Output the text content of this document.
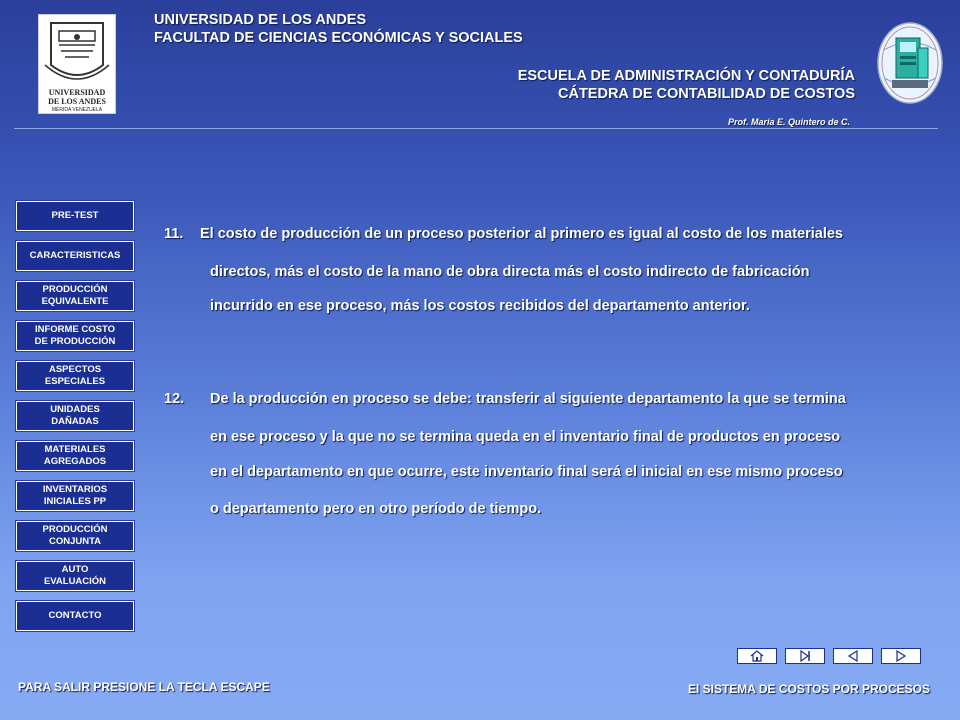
UNIVERSIDAD
DE LOS ANDES
MÉRIDA VENEZUELA
UNIVERSIDAD DE LOS ANDES
FACULTAD DE CIENCIAS ECONÓMICAS Y SOCIALES
ESCUELA DE ADMINISTRACIÓN Y CONTADURÍA
CÁTEDRA DE CONTABILIDAD DE COSTOS
Prof. María E. Quintero de C.
PRE-TEST
CARACTERISTICAS
PRODUCCIÓN
EQUIVALENTE
INFORME COSTO
DE PRODUCCIÓN
ASPECTOS
ESPECIALES
UNIDADES
DAÑADAS
MATERIALES
AGREGADOS
INVENTARIOS
INICIALES PP
PRODUCCIÓN
CONJUNTA
AUTO
EVALUACIÓN
CONTACTO
11. El costo de producción de un proceso posterior al primero es igual al costo de los materiales
directos, más el costo de la mano de obra directa más el costo indirecto de fabricación
incurrido en ese proceso, más los costos recibidos del departamento anterior.
12. De la producción en proceso se debe: transferir al siguiente departamento la que se termina
en ese proceso y la que no se termina queda en el inventario final de productos en proceso
en el departamento en que ocurre, este inventario final será el inicial en ese mismo proceso
o departamento pero en otro período de tiempo.
PARA SALIR PRESIONE LA TECLA ESCAPE	El SISTEMA DE COSTOS POR PROCESOS
